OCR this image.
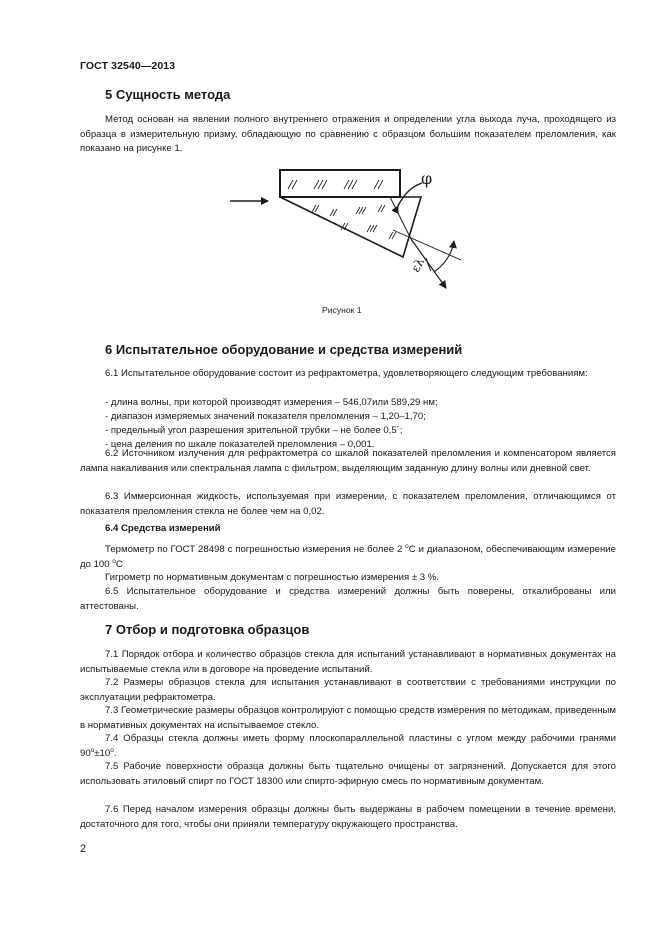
ГОСТ 32540—2013
5 Сущность метода
Метод основан на явлении полного внутреннего отражения и определении угла выхода луча, проходящего из образца в измерительную призму, обладающую по сравнению с образцом большим показателем преломления, как показано на рисунке 1.
φ
ελ
Рисунок 1
6 Испытательное оборудование и средства измерений
6.1 Испытательное оборудование состоит из рефрактометра, удовлетворяющего следующим требованиям:
- длина волны, при которой производят измерения – 546,07или 589,29 нм;
- диапазон измеряемых значений показателя преломления – 1,20–1,70;
- предельный угол разрешения зрительной трубки – не более 0,5´;
- цена деления по шкале показателей преломления – 0,001.
6.2 Источником излучения для рефрактометра со шкалой показателей преломления и компенсатором является лампа накаливания или спектральная лампа с фильтром, выделяющим заданную длину волны или дневной свет.
6.3 Иммерсионная жидкость, используемая при измерении, с показателем преломления, отличающимся от показателя преломления стекла не более чем на 0,02.
6.4 Средства измерений
Термометр по ГОСТ 28498 с погрешностью измерения не более 2 $^о$С и диапазоном, обеспечивающим измерение до 100 $^о$С
Гигрометр по нормативным документам с погрешностью измерения ± 3 %.
6.5 Испытательное оборудование и средства измерений должны быть поверены, откалиброваны или аттестованы.
7 Отбор и подготовка образцов
7.1 Порядок отбора и количество образцов стекла для испытаний устанавливают в нормативных документах на испытываемые стекла или в договоре на проведение испытаний.
7.2 Размеры образцов стекла для испытания устанавливают в соответствии с требованиями инструкции по эксплуатации рефрактометра.
7.3 Геометрические размеры образцов контролируют с помощью средств измерения по методикам, приведенным в нормативных документах на испытываемое стекло.
7.4 Образцы стекла должны иметь форму плоскопараллельной пластины с углом между рабочими гранями $90^о\pm 10^о$.
7.5 Рабочие поверхности образца должны быть тщательно очищены от загрязнений. Допускается для этого использовать этиловый спирт по ГОСТ 18300 или спирто-эфирную смесь по нормативным документам.
7.6 Перед началом измерения образцы должны быть выдержаны в рабочем помещении в течение времени, достаточного для того, чтобы они приняли температуру окружающего пространства.
2
